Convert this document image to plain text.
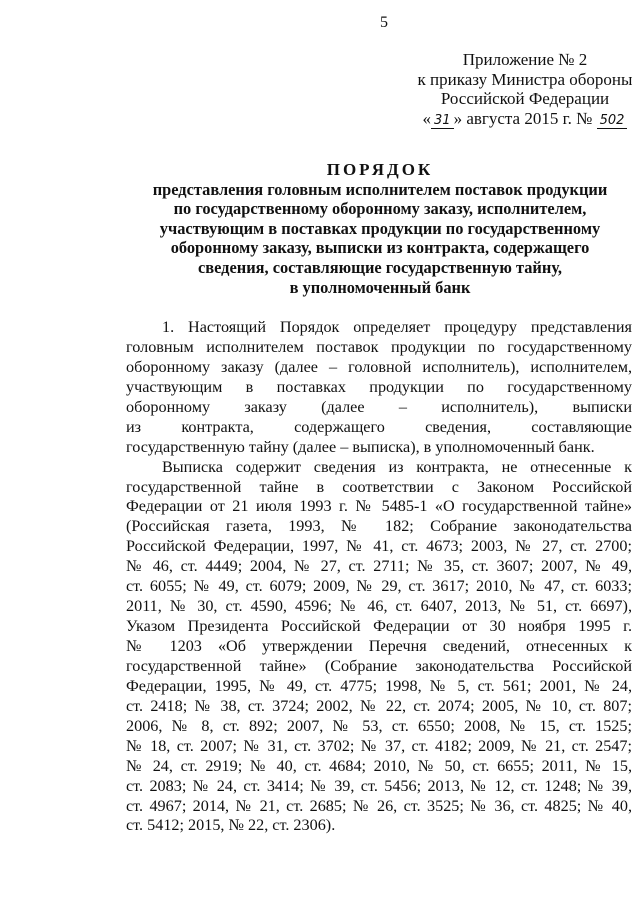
5
Приложение № 2
к приказу Министра обороны
Российской Федерации
« 31 » августа 2015 г. № 502
ПОРЯДОК
представления головным исполнителем поставок продукции
по государственному оборонному заказу, исполнителем,
участвующим в поставках продукции по государственному
оборонному заказу, выписки из контракта, содержащего
сведения, составляющие государственную тайну,
в уполномоченный банк
1. Настоящий Порядок определяет процедуру представления
головным исполнителем поставок продукции по государственному
оборонному заказу (далее – головной исполнитель), исполнителем,
участвующим в поставках продукции по государственному
оборонному заказу (далее – исполнитель), выписки
из контракта, содержащего сведения, составляющие
государственную тайну (далее – выписка), в уполномоченный банк.
Выписка содержит сведения из контракта, не отнесенные к
государственной тайне в соответствии с Законом Российской
Федерации от 21 июля 1993 г. № 5485-1 «О государственной тайне»
(Российская газета, 1993, № 182; Собрание законодательства
Российской Федерации, 1997, № 41, ст. 4673; 2003, № 27, ст. 2700;
№ 46, ст. 4449; 2004, № 27, ст. 2711; № 35, ст. 3607; 2007, № 49,
ст. 6055; № 49, ст. 6079; 2009, № 29, ст. 3617; 2010, № 47, ст. 6033;
2011, № 30, ст. 4590, 4596; № 46, ст. 6407, 2013, № 51, ст. 6697),
Указом Президента Российской Федерации от 30 ноября 1995 г.
№ 1203 «Об утверждении Перечня сведений, отнесенных к
государственной тайне» (Собрание законодательства Российской
Федерации, 1995, № 49, ст. 4775; 1998, № 5, ст. 561; 2001, № 24,
ст. 2418; № 38, ст. 3724; 2002, № 22, ст. 2074; 2005, № 10, ст. 807;
2006, № 8, ст. 892; 2007, № 53, ст. 6550; 2008, № 15, ст. 1525;
№ 18, ст. 2007; № 31, ст. 3702; № 37, ст. 4182; 2009, № 21, ст. 2547;
№ 24, ст. 2919; № 40, ст. 4684; 2010, № 50, ст. 6655; 2011, № 15,
ст. 2083; № 24, ст. 3414; № 39, ст. 5456; 2013, № 12, ст. 1248; № 39,
ст. 4967; 2014, № 21, ст. 2685; № 26, ст. 3525; № 36, ст. 4825; № 40,
ст. 5412; 2015, № 22, ст. 2306).
